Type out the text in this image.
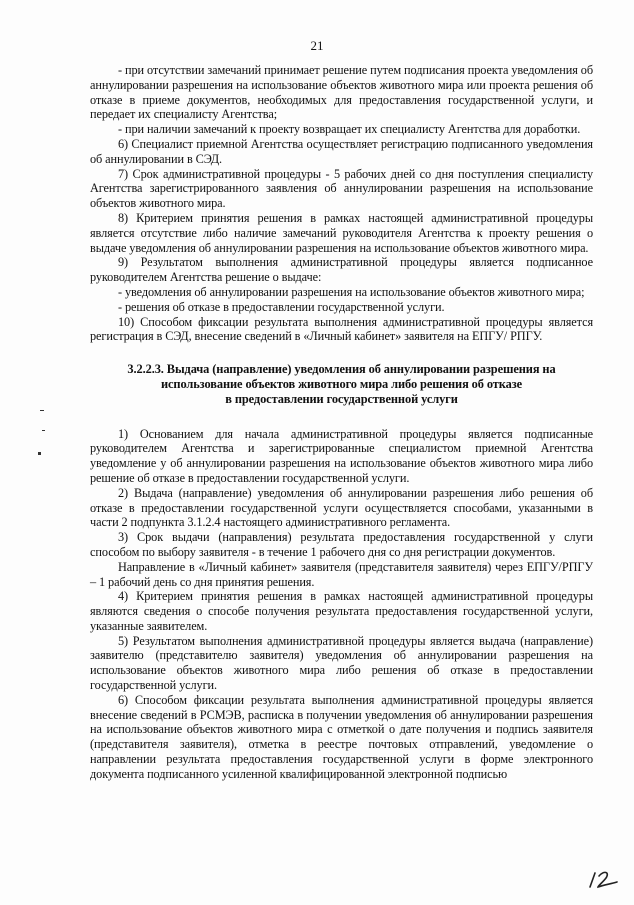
21

- при отсутствии замечаний принимает решение путем подписания проекта уведомления об аннулировании разрешения на использование объектов животного мира или проекта решения об отказе в приеме документов, необходимых для предоставления государственной услуги, и передает их специалисту Агентства;

- при наличии замечаний к проекту возвращает их специалисту Агентства для доработки.

6) Специалист приемной Агентства осуществляет регистрацию подписанного уведомления об аннулировании в СЭД.

7) Срок административной процедуры - 5 рабочих дней со дня поступления специалисту Агентства зарегистрированного заявления об аннулировании разрешения на использование объектов животного мира.

8) Критерием принятия решения в рамках настоящей административной процедуры является отсутствие либо наличие замечаний руководителя Агентства к проекту решения о выдаче уведомления об аннулировании разрешения на использование объектов животного мира.

9) Результатом выполнения административной процедуры является подписанное руководителем Агентства решение о выдаче:

- уведомления об аннулировании разрешения на использование объектов животного мира;

- решения об отказе в предоставлении государственной услуги.

10) Способом фиксации результата выполнения административной процедуры является регистрация в СЭД, внесение сведений в «Личный кабинет» заявителя на ЕПГУ/ РПГУ.

3.2.2.3. Выдача (направление) уведомления об аннулировании разрешения на
использование объектов животного мира либо решения об отказе
в предоставлении государственной услуги

1) Основанием для начала административной процедуры является подписанные руководителем Агентства и зарегистрированные специалистом приемной Агентства уведомление у об аннулировании разрешения на использование объектов животного мира либо решение об отказе в предоставлении государственной услуги.

2) Выдача (направление) уведомления об аннулировании разрешения либо решения об отказе в предоставлении государственной услуги осуществляется способами, указанными в части 2 подпункта 3.1.2.4 настоящего административного регламента.

3) Срок выдачи (направления) результата предоставления государственной у слуги способом по выбору заявителя - в течение 1 рабочего дня со дня регистрации документов.

Направление в «Личный кабинет» заявителя (представителя заявителя) через ЕПГУ/РПГУ – 1 рабочий день со дня принятия решения.

4) Критерием принятия решения в рамках настоящей административной процедуры являются сведения о способе получения результата предоставления государственной услуги, указанные заявителем.

5) Результатом выполнения административной процедуры является выдача (направление) заявителю (представителю заявителя) уведомления об аннулировании разрешения на использование объектов животного мира либо решения об отказе в предоставлении государственной услуги.

6) Способом фиксации результата выполнения административной процедуры является внесение сведений в РСМЭВ, расписка в получении уведомления об аннулировании разрешения на использование объектов животного мира с отметкой о дате получения и подпись заявителя (представителя заявителя), отметка в реестре почтовых отправлений, уведомление о направлении результата предоставления государственной услуги в форме электронного документа подписанного усиленной квалифицированной электронной подписью
